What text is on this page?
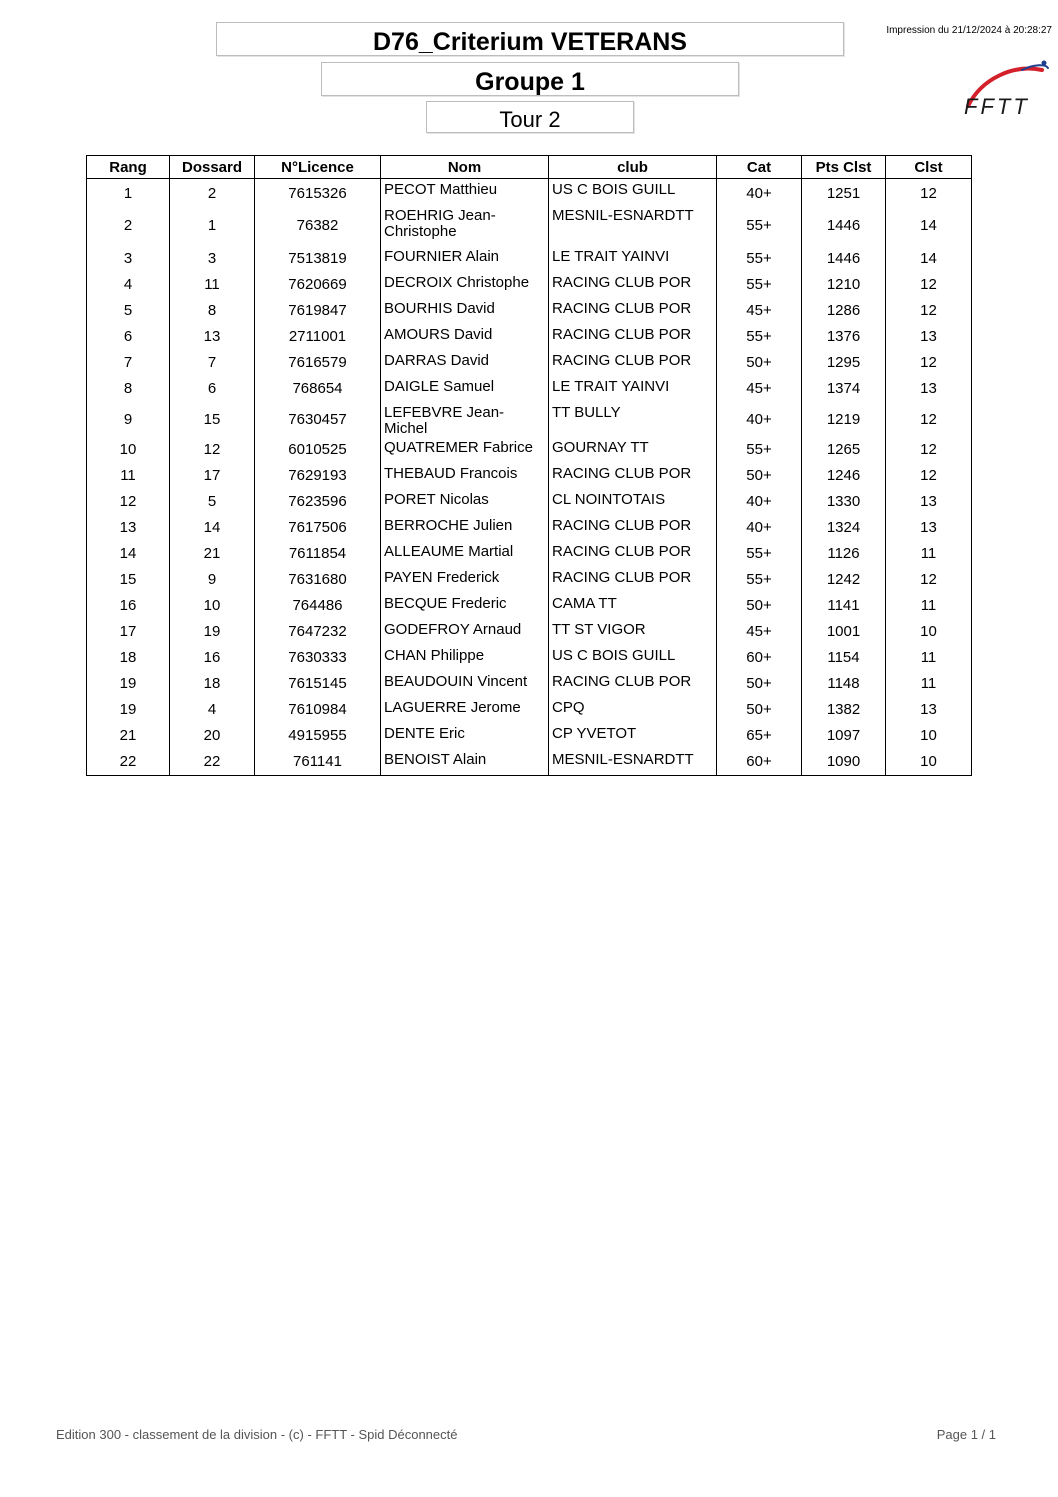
D76_Criterium VETERANS
Groupe 1
Tour 2
Impression du 21/12/2024 à 20:28:27
FFTT
Rang	Dossard	N°Licence	Nom	club	Cat	Pts Clst	Clst
1	2	7615326	PECOT Matthieu	US C BOIS GUILL	40+	1251	12
2	1	76382	ROEHRIG Jean-Christophe	MESNIL-ESNARDTT	55+	1446	14
3	3	7513819	FOURNIER Alain	LE TRAIT YAINVI	55+	1446	14
4	11	7620669	DECROIX Christophe	RACING CLUB POR	55+	1210	12
5	8	7619847	BOURHIS David	RACING CLUB POR	45+	1286	12
6	13	2711001	AMOURS David	RACING CLUB POR	55+	1376	13
7	7	7616579	DARRAS David	RACING CLUB POR	50+	1295	12
8	6	768654	DAIGLE Samuel	LE TRAIT YAINVI	45+	1374	13
9	15	7630457	LEFEBVRE Jean-Michel	TT BULLY	40+	1219	12
10	12	6010525	QUATREMER Fabrice	GOURNAY TT	55+	1265	12
11	17	7629193	THEBAUD Francois	RACING CLUB POR	50+	1246	12
12	5	7623596	PORET Nicolas	CL NOINTOTAIS	40+	1330	13
13	14	7617506	BERROCHE Julien	RACING CLUB POR	40+	1324	13
14	21	7611854	ALLEAUME Martial	RACING CLUB POR	55+	1126	11
15	9	7631680	PAYEN Frederick	RACING CLUB POR	55+	1242	12
16	10	764486	BECQUE Frederic	CAMA TT	50+	1141	11
17	19	7647232	GODEFROY Arnaud	TT ST VIGOR	45+	1001	10
18	16	7630333	CHAN Philippe	US C BOIS GUILL	60+	1154	11
19	18	7615145	BEAUDOUIN Vincent	RACING CLUB POR	50+	1148	11
19	4	7610984	LAGUERRE Jerome	CPQ	50+	1382	13
21	20	4915955	DENTE Eric	CP YVETOT	65+	1097	10
22	22	761141	BENOIST Alain	MESNIL-ESNARDTT	60+	1090	10
Edition 300 - classement de la division - (c) - FFTT - Spid Déconnecté	Page 1 / 1
